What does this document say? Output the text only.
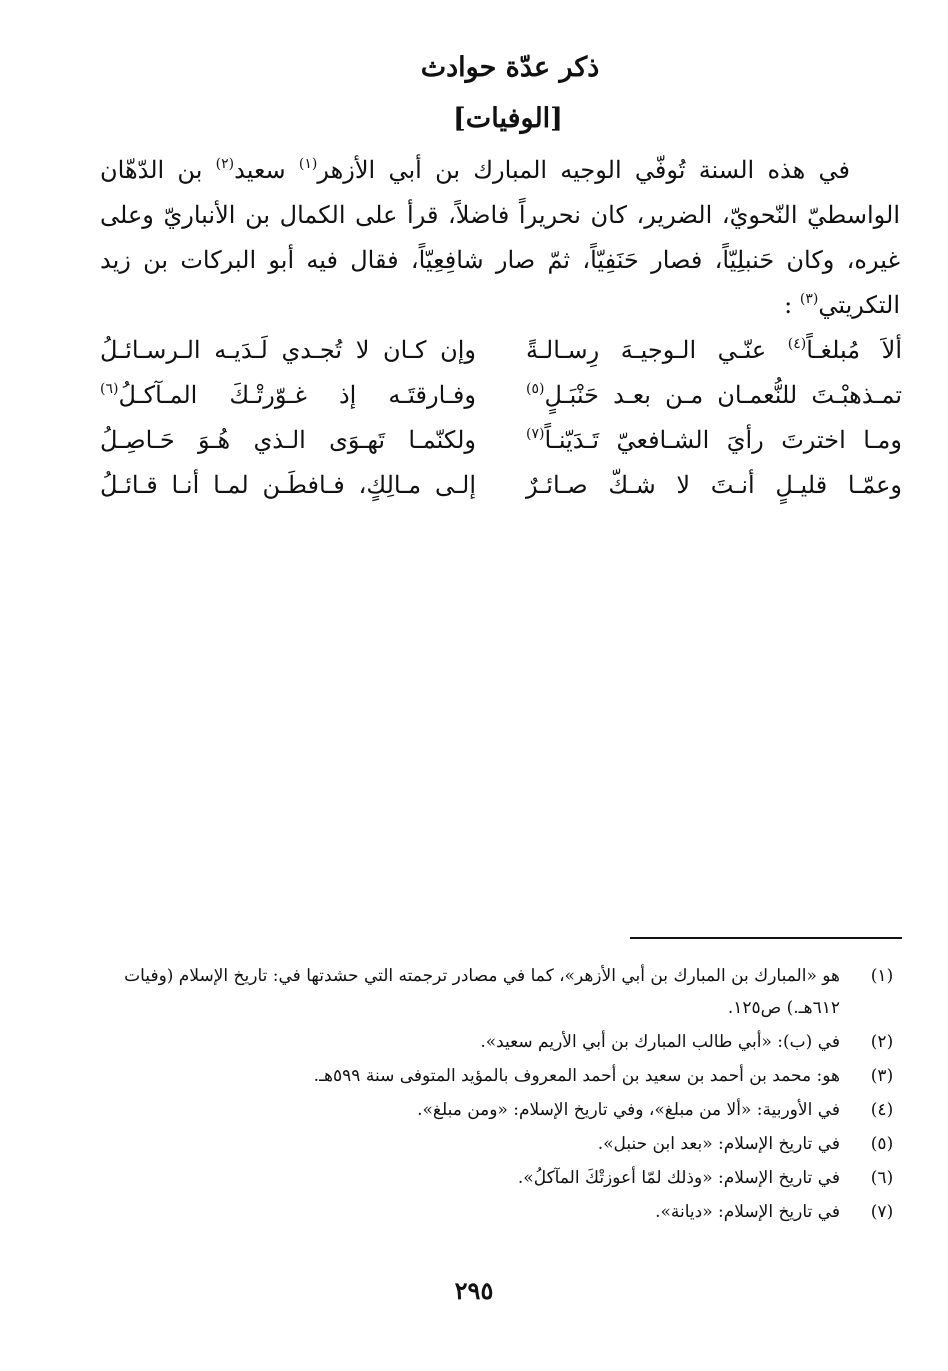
ذكر عدّة حوادث
[الوفيات]

في هذه السنة تُوفّي الوجيه المبارك بن أبي الأزهر$^{(١)}$ سعيد$^{(٢)}$ بن الدّهّان الواسطيّ النّحويّ، الضرير، كان نحريراً فاضلاً، قرأ على الكمال بن الأنباريّ وعلى غيره، وكان حَنبلِيّاً، فصار حَنَفِيّاً، ثمّ صار شافِعِيّاً، فقال فيه أبو البركات بن زيد التكريتي$^{(٣)}$ :

ألاَ مُبلغـاً$^{(٤)}$ عنّـي الـوجيـهَ رِسـالـةً
وإن كـان لا تُجـدي لَـدَيـه الـرسـائـلُ
تمـذهبْـتَ للنُّعمـان مـن بعـد حَنْبَـلٍ$^{(٥)}$
وفـارقتَـه إذ غـوّرتْـكَ المـآكـلُ$^{(٦)}$
ومـا اخترتَ رأيَ الشـافعيّ تَـدَيّنـاً$^{(٧)}$
ولكنّمـا تَهـوَى الـذي هُـوَ حَـاصِـلُ
وعمّـا قليـلٍ أنـتَ لا شـكّ صـائـرٌ
إلـى مـالِكٍ، فـافطَـن لمـا أنـا قـائـلُ
(١)
هو «المبارك بن المبارك بن أبي الأزهر»، كما في مصادر ترجمته التي حشدتها في: تاريخ الإسلام (وفيات ٦١٢هـ.) ص١٢٥.
(٢)
في (ب): «أبي طالب المبارك بن أبي الأريم سعيد».
(٣)
هو: محمد بن أحمد بن سعيد بن أحمد المعروف بالمؤيد المتوفى سنة ٥٩٩هـ.
(٤)
في الأوربية: «ألا من مبلغ»، وفي تاريخ الإسلام: «ومن مبلغ».
(٥)
في تاريخ الإسلام: «بعد ابن حنبل».
(٦)
في تاريخ الإسلام: «وذلك لمّا أعوزتْكَ المآكلُ».
(٧)
في تاريخ الإسلام: «ديانة».
٢٩٥
